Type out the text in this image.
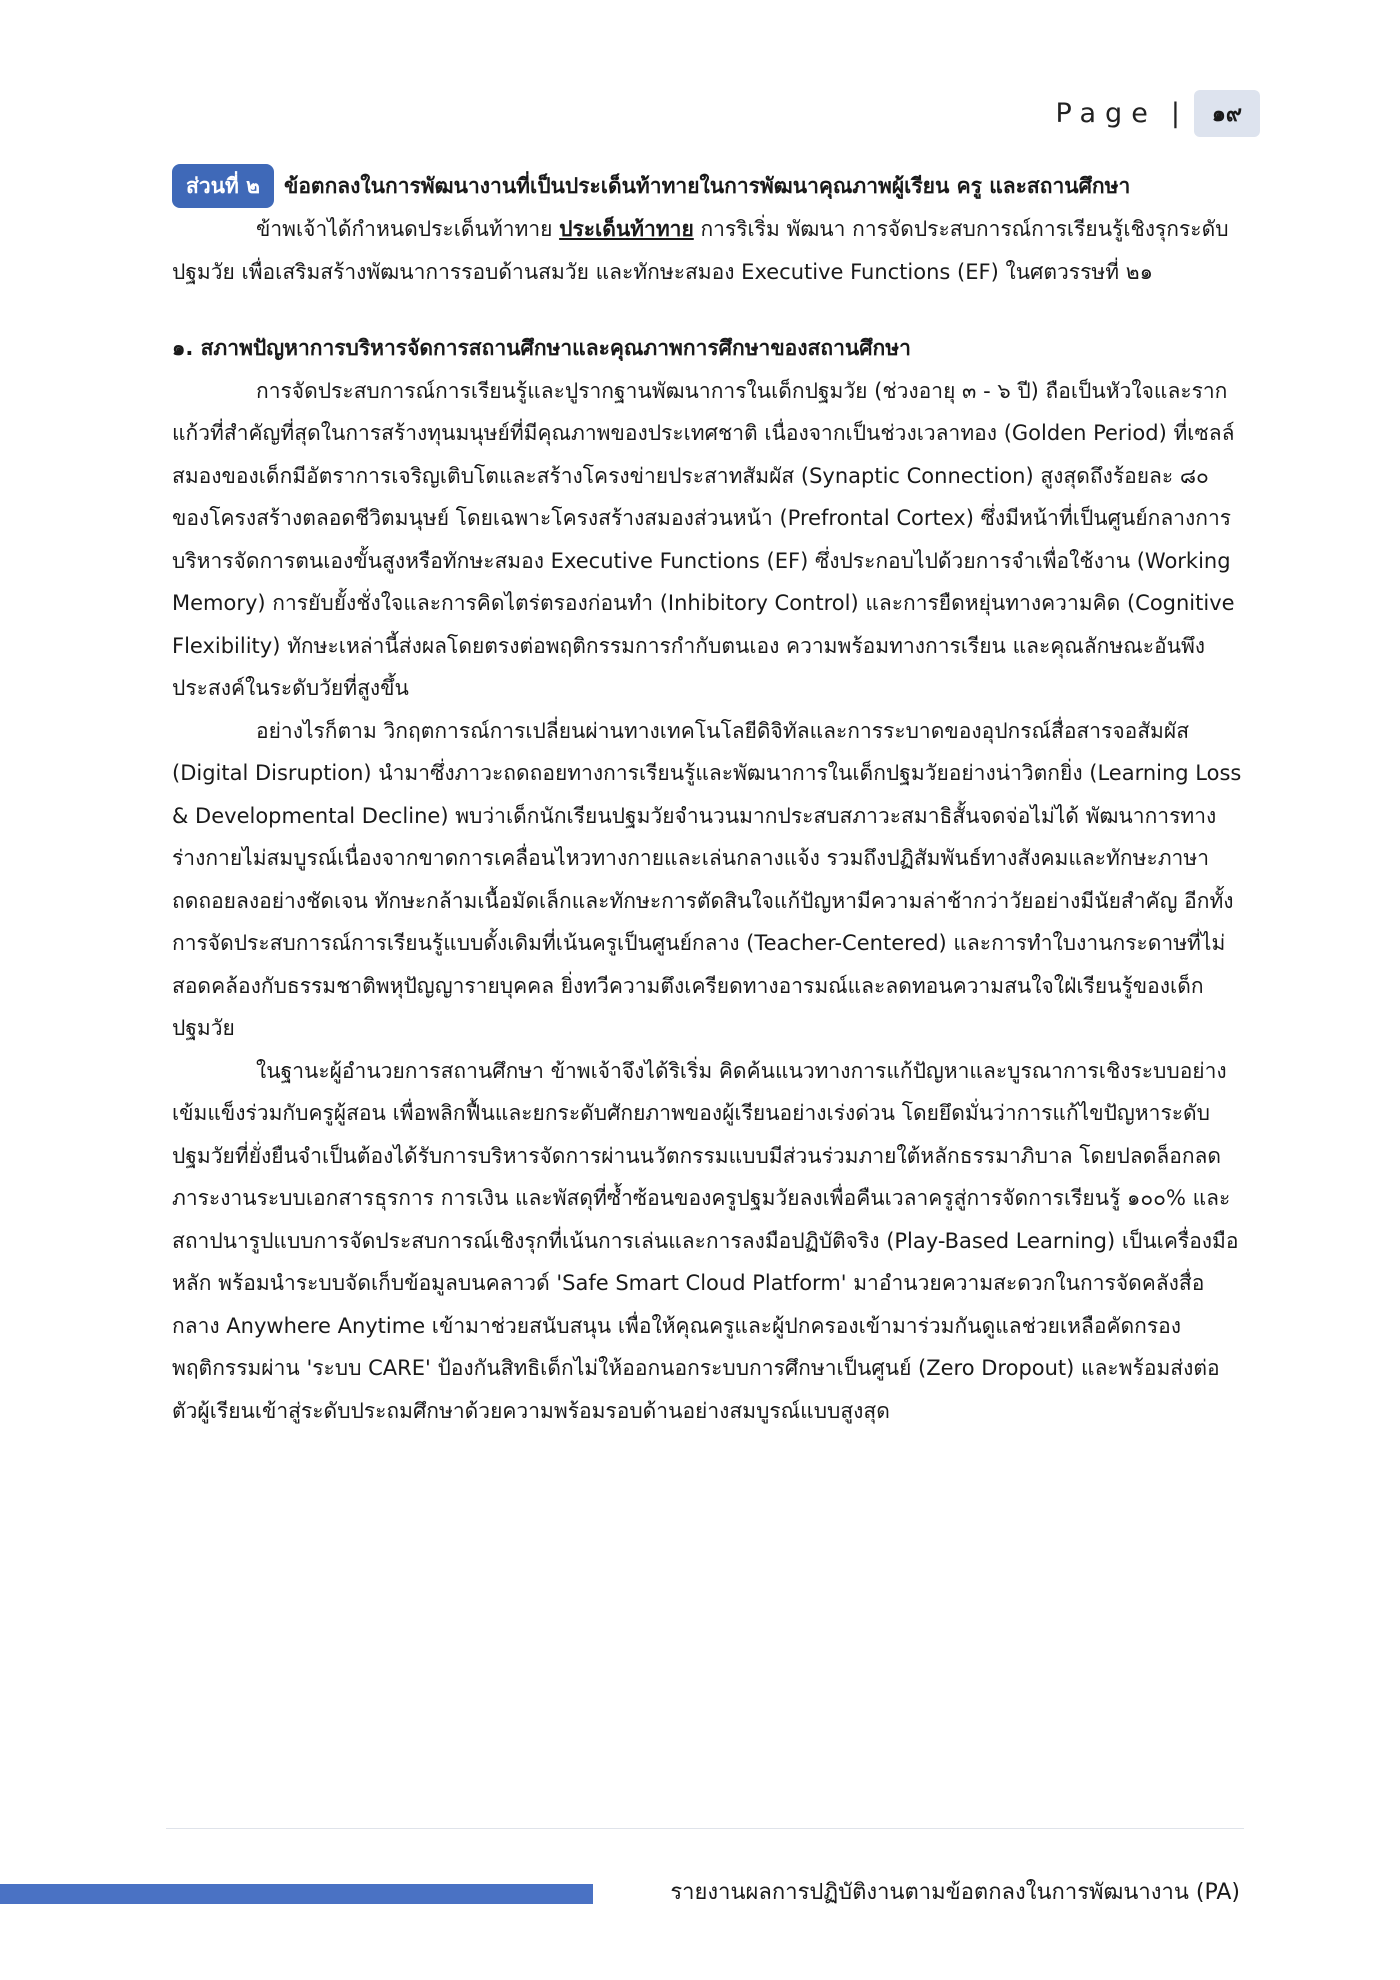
Page |	๑๙
ส่วนที่ ๒ ข้อตกลงในการพัฒนางานที่เป็นประเด็นท้าทายในการพัฒนาคุณภาพผู้เรียน ครู และสถานศึกษา

ข้าพเจ้าได้กำหนดประเด็นท้าทาย ประเด็นท้าทาย การริเริ่ม พัฒนา การจัดประสบการณ์การเรียนรู้เชิงรุกระดับปฐมวัย เพื่อเสริมสร้างพัฒนาการรอบด้านสมวัย และทักษะสมอง Executive Functions (EF) ในศตวรรษที่ ๒๑

๑. สภาพปัญหาการบริหารจัดการสถานศึกษาและคุณภาพการศึกษาของสถานศึกษา

การจัดประสบการณ์การเรียนรู้และปูรากฐานพัฒนาการในเด็กปฐมวัย (ช่วงอายุ ๓ - ๖ ปี) ถือเป็นหัวใจและรากแก้วที่สำคัญที่สุดในการสร้างทุนมนุษย์ที่มีคุณภาพของประเทศชาติ เนื่องจากเป็นช่วงเวลาทอง (Golden Period) ที่เซลล์สมองของเด็กมีอัตราการเจริญเติบโตและสร้างโครงข่ายประสาทสัมผัส (Synaptic Connection) สูงสุดถึงร้อยละ ๘๐ ของโครงสร้างตลอดชีวิตมนุษย์ โดยเฉพาะโครงสร้างสมองส่วนหน้า (Prefrontal Cortex) ซึ่งมีหน้าที่เป็นศูนย์กลางการบริหารจัดการตนเองขั้นสูงหรือทักษะสมอง Executive Functions (EF) ซึ่งประกอบไปด้วยการจำเพื่อใช้งาน (Working Memory) การยับยั้งชั่งใจและการคิดไตร่ตรองก่อนทำ (Inhibitory Control) และการยืดหยุ่นทางความคิด (Cognitive Flexibility) ทักษะเหล่านี้ส่งผลโดยตรงต่อพฤติกรรมการกำกับตนเอง ความพร้อมทางการเรียน และคุณลักษณะอันพึงประสงค์ในระดับวัยที่สูงขึ้น

อย่างไรก็ตาม วิกฤตการณ์การเปลี่ยนผ่านทางเทคโนโลยีดิจิทัลและการระบาดของอุปกรณ์สื่อสารจอสัมผัส (Digital Disruption) นำมาซึ่งภาวะถดถอยทางการเรียนรู้และพัฒนาการในเด็กปฐมวัยอย่างน่าวิตกยิ่ง (Learning Loss & Developmental Decline) พบว่าเด็กนักเรียนปฐมวัยจำนวนมากประสบสภาวะสมาธิสั้นจดจ่อไม่ได้ พัฒนาการทางร่างกายไม่สมบูรณ์เนื่องจากขาดการเคลื่อนไหวทางกายและเล่นกลางแจ้ง รวมถึงปฏิสัมพันธ์ทางสังคมและทักษะภาษาถดถอยลงอย่างชัดเจน ทักษะกล้ามเนื้อมัดเล็กและทักษะการตัดสินใจแก้ปัญหามีความล่าช้ากว่าวัยอย่างมีนัยสำคัญ อีกทั้งการจัดประสบการณ์การเรียนรู้แบบดั้งเดิมที่เน้นครูเป็นศูนย์กลาง (Teacher-Centered) และการทำใบงานกระดาษที่ไม่สอดคล้องกับธรรมชาติพหุปัญญารายบุคคล ยิ่งทวีความตึงเครียดทางอารมณ์และลดทอนความสนใจใฝ่เรียนรู้ของเด็กปฐมวัย

ในฐานะผู้อำนวยการสถานศึกษา ข้าพเจ้าจึงได้ริเริ่ม คิดค้นแนวทางการแก้ปัญหาและบูรณาการเชิงระบบอย่างเข้มแข็งร่วมกับครูผู้สอน เพื่อพลิกฟื้นและยกระดับศักยภาพของผู้เรียนอย่างเร่งด่วน โดยยึดมั่นว่าการแก้ไขปัญหาระดับปฐมวัยที่ยั่งยืนจำเป็นต้องได้รับการบริหารจัดการผ่านนวัตกรรมแบบมีส่วนร่วมภายใต้หลักธรรมาภิบาล โดยปลดล็อกลดภาระงานระบบเอกสารธุรการ การเงิน และพัสดุที่ซ้ำซ้อนของครูปฐมวัยลงเพื่อคืนเวลาครูสู่การจัดการเรียนรู้ ๑๐๐% และสถาปนารูปแบบการจัดประสบการณ์เชิงรุกที่เน้นการเล่นและการลงมือปฏิบัติจริง (Play-Based Learning) เป็นเครื่องมือหลัก พร้อมนำระบบจัดเก็บข้อมูลบนคลาวด์ 'Safe Smart Cloud Platform' มาอำนวยความสะดวกในการจัดคลังสื่อกลาง Anywhere Anytime เข้ามาช่วยสนับสนุน เพื่อให้คุณครูและผู้ปกครองเข้ามาร่วมกันดูแลช่วยเหลือคัดกรองพฤติกรรมผ่าน 'ระบบ CARE' ป้องกันสิทธิเด็กไม่ให้ออกนอกระบบการศึกษาเป็นศูนย์ (Zero Dropout) และพร้อมส่งต่อตัวผู้เรียนเข้าสู่ระดับประถมศึกษาด้วยความพร้อมรอบด้านอย่างสมบูรณ์แบบสูงสุด

รายงานผลการปฏิบัติงานตามข้อตกลงในการพัฒนางาน (PA)
